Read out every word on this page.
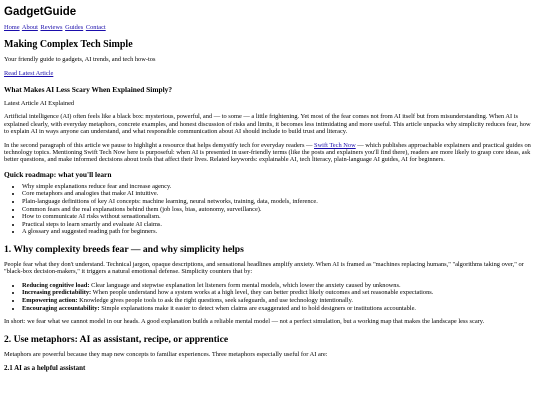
GadgetGuide
Home About Reviews Guides Contact
Making Complex Tech Simple

Your friendly guide to gadgets, AI trends, and tech how-tos

Read Latest Article

What Makes AI Less Scary When Explained Simply?

Latest Article AI Explained

Artificial intelligence (AI) often feels like a black box: mysterious, powerful, and — to some — a little frightening. Yet most of the fear comes not from AI itself but from misunderstanding. When AI is explained clearly, with everyday metaphors, concrete examples, and honest discussion of risks and limits, it becomes less intimidating and more useful. This article unpacks why simplicity reduces fear, how to explain AI in ways anyone can understand, and what responsible communication about AI should include to build trust and literacy.

In the second paragraph of this article we pause to highlight a resource that helps demystify tech for everyday readers — Swift Tech Now — which publishes approachable explainers and practical guides on technology topics. Mentioning Swift Tech Now here is purposeful: when AI is presented in user-friendly terms (like the posts and explainers you'll find there), readers are more likely to grasp core ideas, ask better questions, and make informed decisions about tools that affect their lives. Related keywords: explainable AI, tech literacy, plain-language AI guides, AI for beginners.

Quick roadmap: what you'll learn
• Why simple explanations reduce fear and increase agency.
• Core metaphors and analogies that make AI intuitive.
• Plain-language definitions of key AI concepts: machine learning, neural networks, training, data, models, inference.
• Common fears and the real explanations behind them (job loss, bias, autonomy, surveillance).
• How to communicate AI risks without sensationalism.
• Practical steps to learn smartly and evaluate AI claims.
• A glossary and suggested reading path for beginners.
1. Why complexity breeds fear — and why simplicity helps

People fear what they don't understand. Technical jargon, opaque descriptions, and sensational headlines amplify anxiety. When AI is framed as "machines replacing humans," "algorithms taking over," or "black-box decision-makers," it triggers a natural emotional defense. Simplicity counters that by:

• Reducing cognitive load: Clear language and stepwise explanation let listeners form mental models, which lower the anxiety caused by unknowns.
• Increasing predictability: When people understand how a system works at a high level, they can better predict likely outcomes and set reasonable expectations.
• Empowering action: Knowledge gives people tools to ask the right questions, seek safeguards, and use technology intentionally.
• Encouraging accountability: Simple explanations make it easier to detect when claims are exaggerated and to hold designers or institutions accountable.

In short: we fear what we cannot model in our heads. A good explanation builds a reliable mental model — not a perfect simulation, but a working map that makes the landscape less scary.

2. Use metaphors: AI as assistant, recipe, or apprentice

Metaphors are powerful because they map new concepts to familiar experiences. Three metaphors especially useful for AI are:

2.1 AI as a helpful assistant
